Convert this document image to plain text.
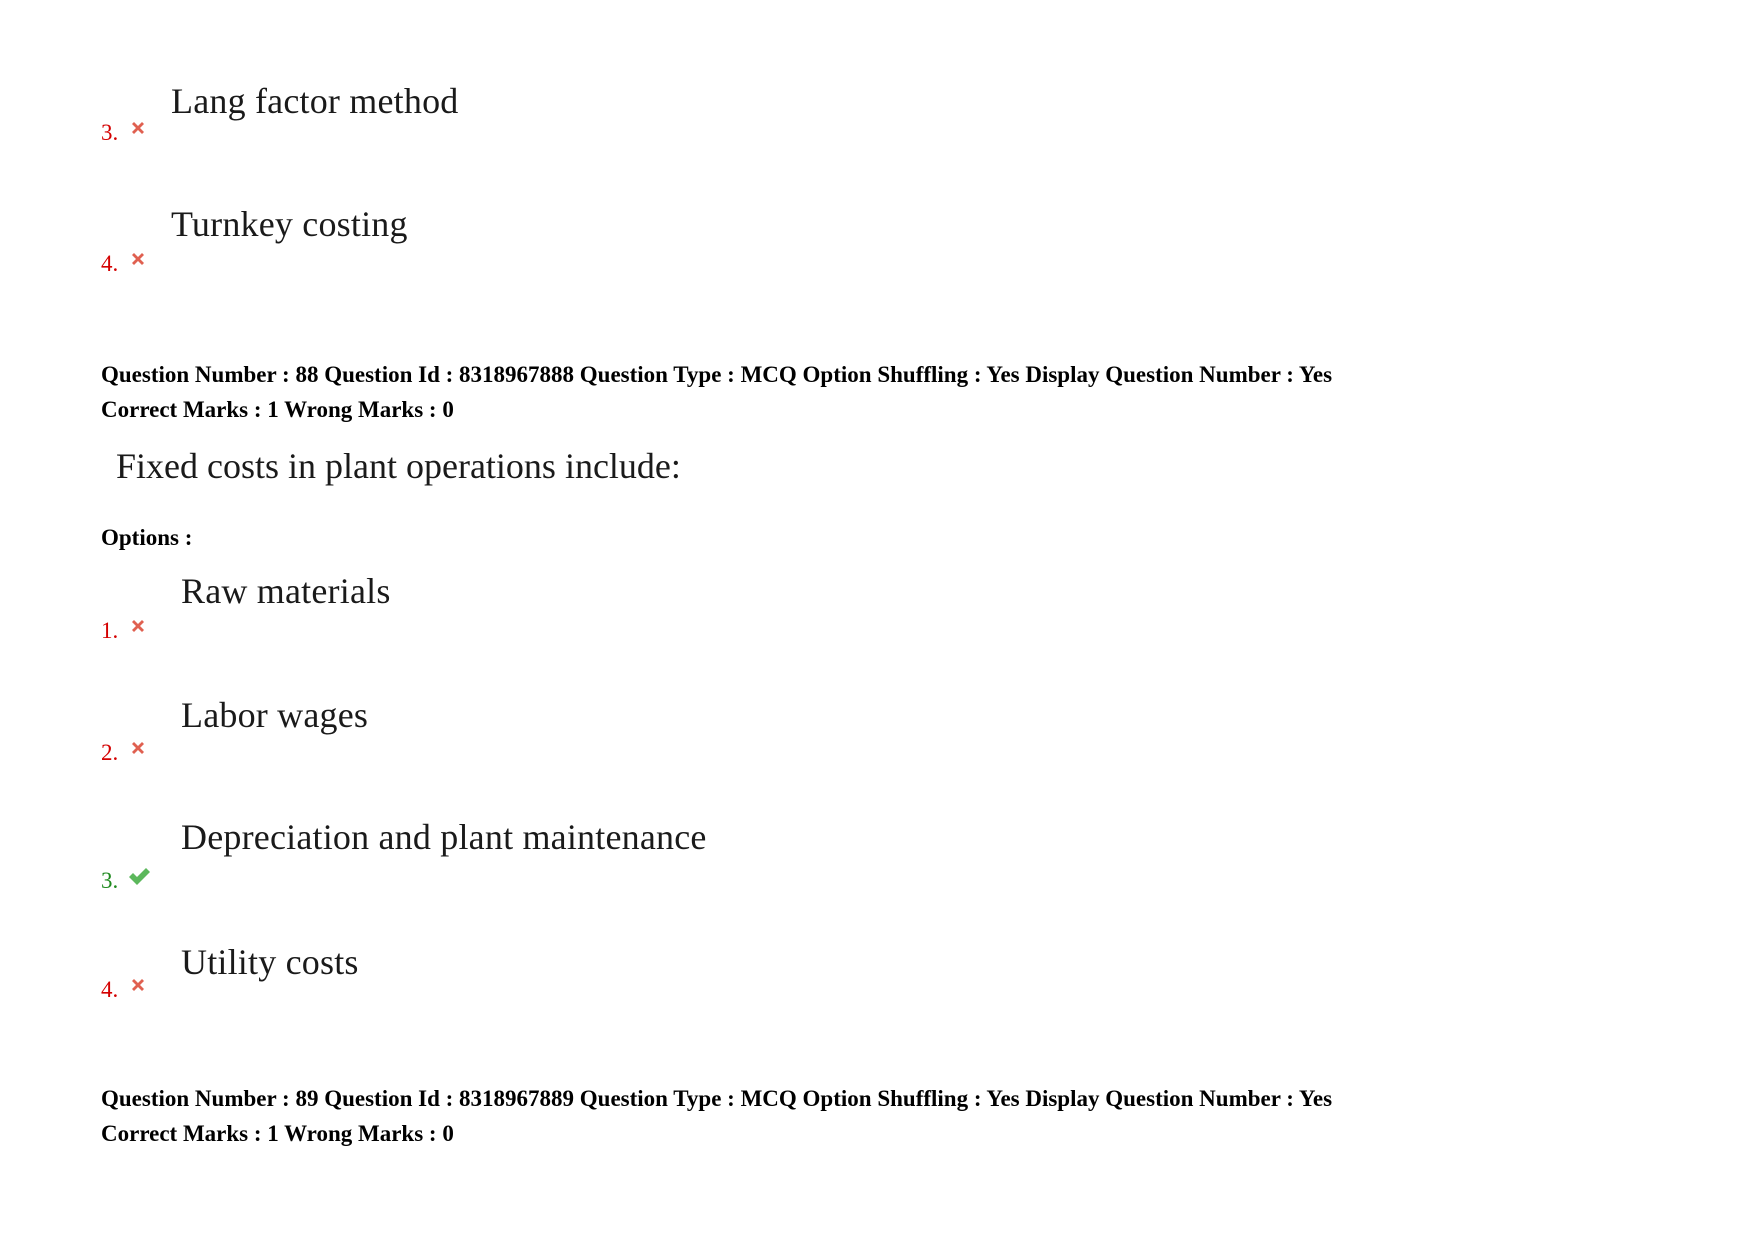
Lang factor method
3.
Turnkey costing
4.
Question Number : 88 Question Id : 8318967888 Question Type : MCQ Option Shuffling : Yes Display Question Number : Yes
Correct Marks : 1 Wrong Marks : 0
Fixed costs in plant operations include:
Options :
Raw materials
1.
Labor wages
2.
Depreciation and plant maintenance
3.
Utility costs
4.
Question Number : 89 Question Id : 8318967889 Question Type : MCQ Option Shuffling : Yes Display Question Number : Yes
Correct Marks : 1 Wrong Marks : 0
